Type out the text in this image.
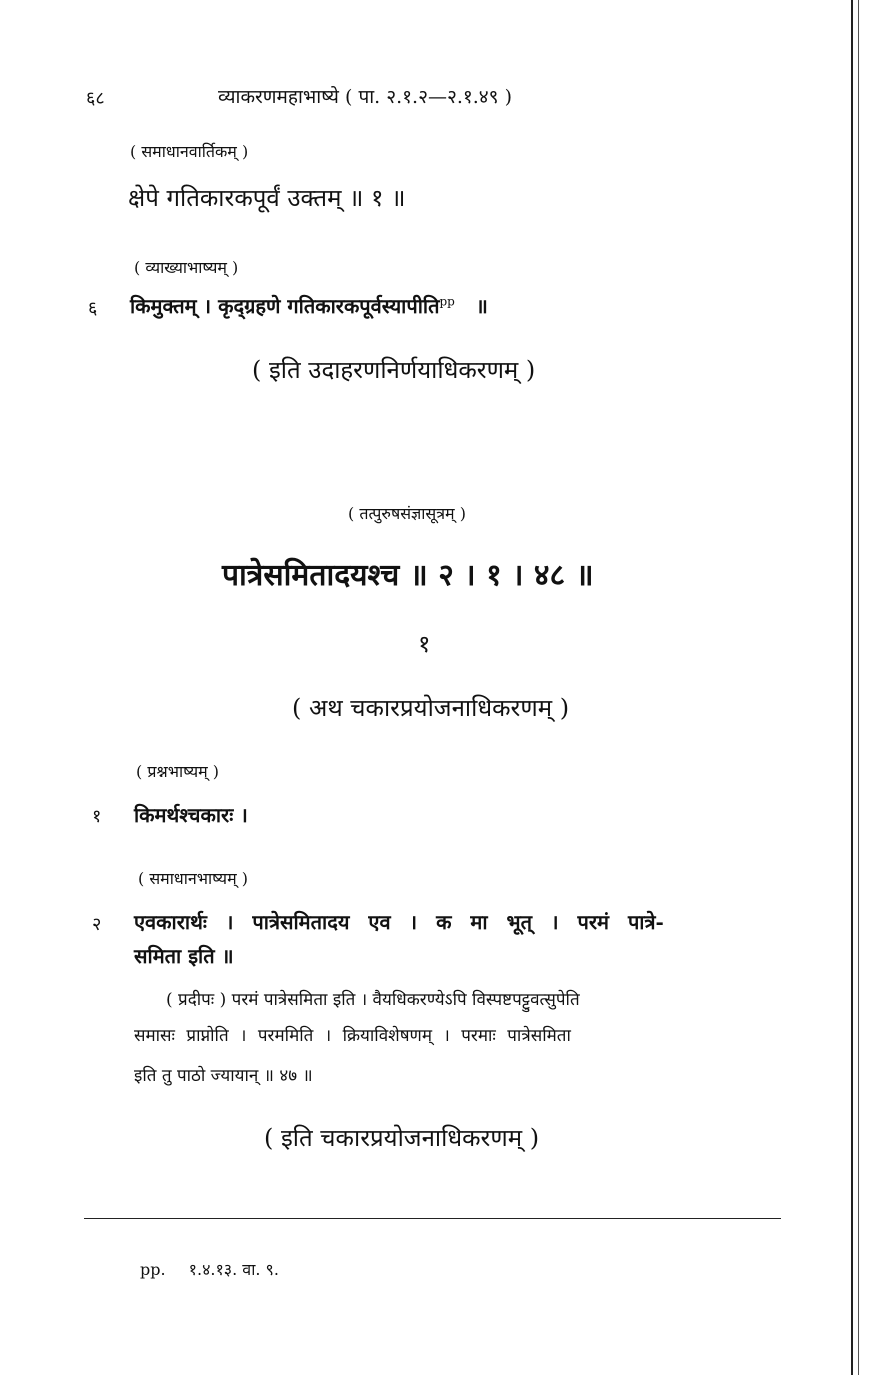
६८	व्याकरणमहाभाष्ये ( पा. २.१.२—२.१.४९ )
( समाधानवार्तिकम् )
क्षेपे गतिकारकपूर्वं उक्तम् ॥ १ ॥
( व्याख्याभाष्यम् )
६ किमुक्तम् । कृद्ग्रहणे गतिकारकपूर्वस्यापीति$^{pp}$ ॥
( इति उदाहरणनिर्णयाधिकरणम् )
( तत्पुरुषसंज्ञासूत्रम् )
पात्रेसमितादयश्च ॥ २ । १ । ४८ ॥
१
( अथ चकारप्रयोजनाधिकरणम् )
( प्रश्नभाष्यम् )
१ किमर्थश्चकारः ।
( समाधानभाष्यम् )
२ एवकारार्थः । पात्रेसमितादय एव । क मा भूत् । परमं पात्रे-
समिता इति ॥
( प्रदीपः ) परमं पात्रेसमिता इति । वैयधिकरण्येऽपि विस्पष्टपट्टुवत्सुपेति
समासः प्राप्नोति । परममिति । क्रियाविशेषणम् । परमाः पात्रेसमिता
इति तु पाठो ज्यायान् ॥ ४७ ॥
( इति चकारप्रयोजनाधिकरणम् )
pp. १.४.१३. वा. ९.
